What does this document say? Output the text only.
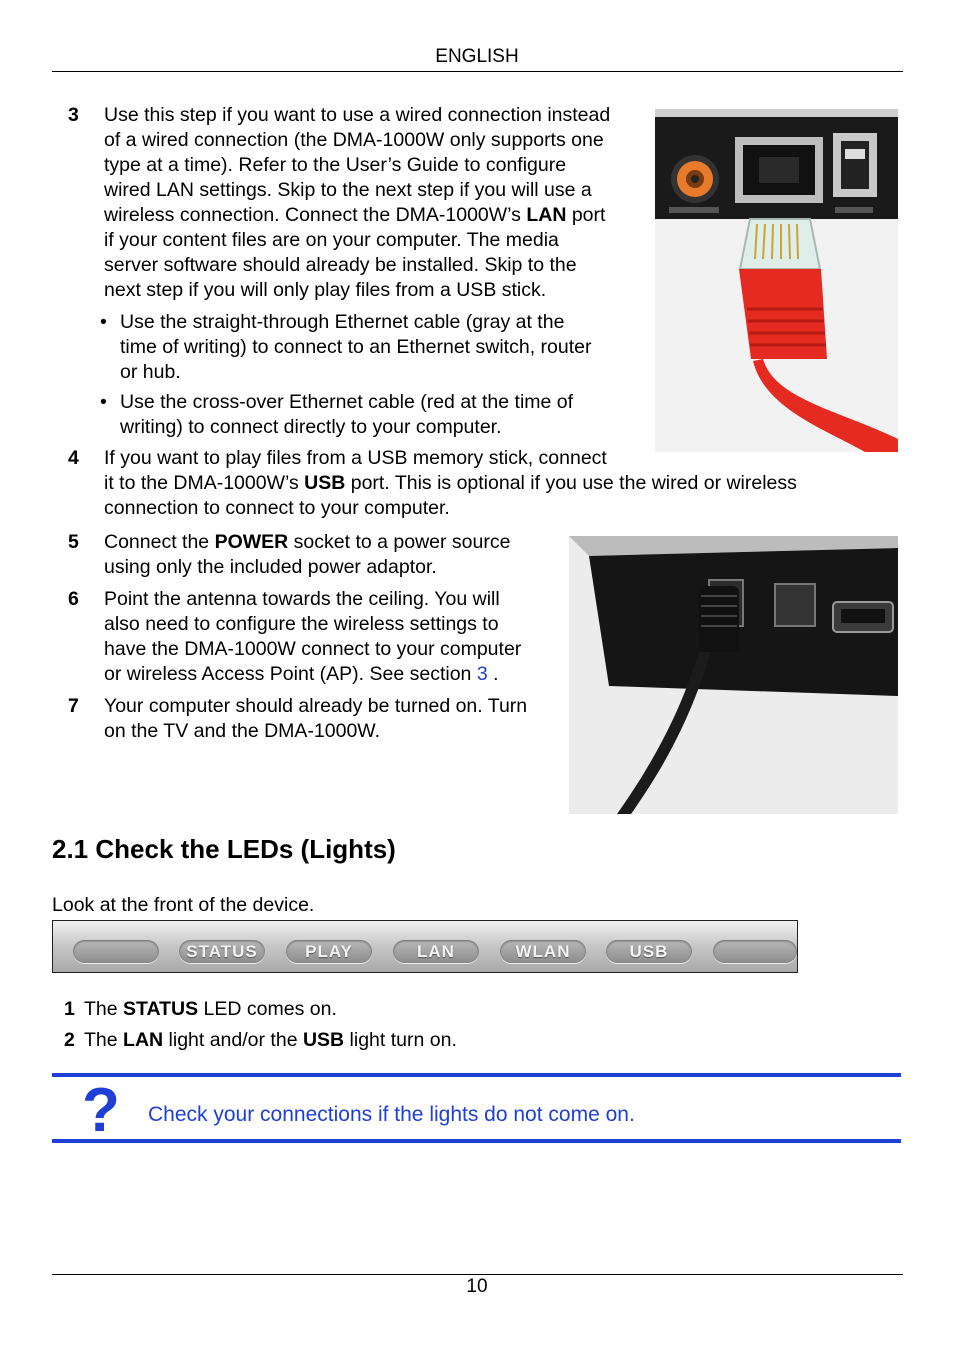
ENGLISH
3	Use this step if you want to use a wired connection instead
of a wired connection (the DMA-1000W only supports one
type at a time). Refer to the User’s Guide to configure
wired LAN settings. Skip to the next step if you will use a
wireless connection. Connect the DMA-1000W’s LAN port
if your content files are on your computer. The media
server software should already be installed. Skip to the
next step if you will only play files from a USB stick.
• Use the straight-through Ethernet cable (gray at the
time of writing) to connect to an Ethernet switch, router
or hub.
• Use the cross-over Ethernet cable (red at the time of
writing) to connect directly to your computer.
4	If you want to play files from a USB memory stick, connect
it to the DMA-1000W’s USB port. This is optional if you use the wired or wireless
connection to connect to your computer.
5	Connect the POWER socket to a power source
using only the included power adaptor.
6	Point the antenna towards the ceiling. You will
also need to configure the wireless settings to
have the DMA-1000W connect to your computer
or wireless Access Point (AP). See section 3 .
7	Your computer should already be turned on. Turn
on the TV and the DMA-1000W.
2.1 Check the LEDs (Lights)
Look at the front of the device.
STATUS	PLAY	LAN	WLAN	USB
1 The STATUS LED comes on.
2 The LAN light and/or the USB light turn on.
? Check your connections if the lights do not come on.
10
